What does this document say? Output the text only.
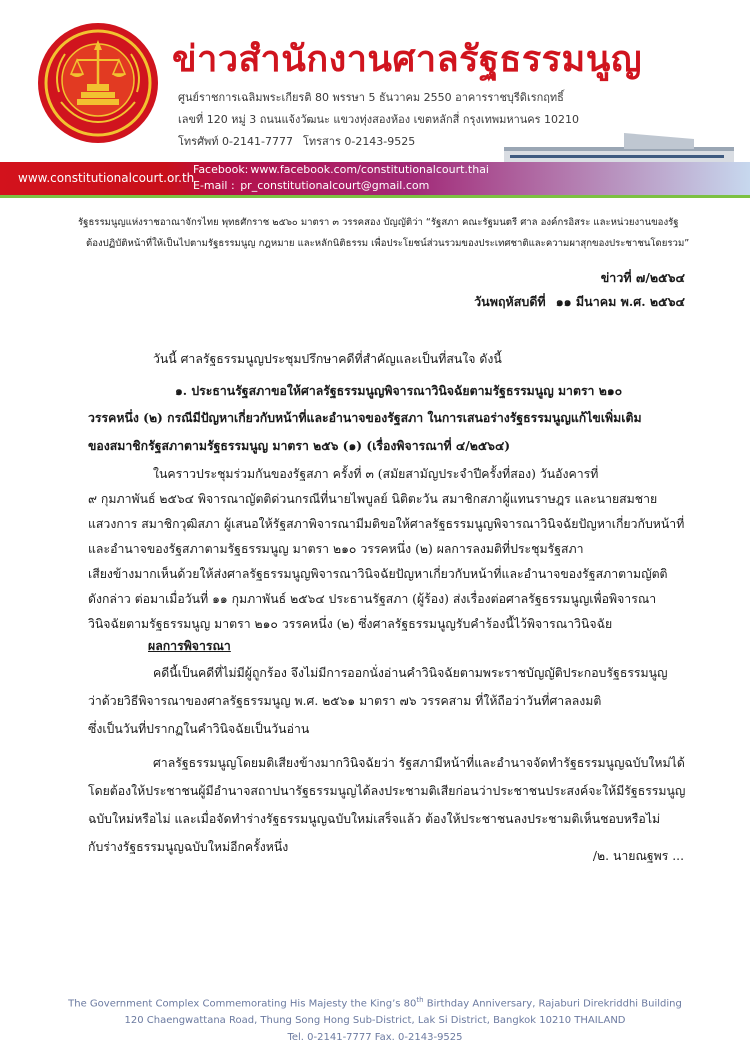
ข่าวสำนักงานศาลรัฐธรรมนูญ
ศูนย์ราชการเฉลิมพระเกียรติ 80 พรรษา 5 ธันวาคม 2550 อาคารราชบุรีดิเรกฤทธิ์
เลขที่ 120 หมู่ 3 ถนนแจ้งวัฒนะ แขวงทุ่งสองห้อง เขตหลักสี่ กรุงเทพมหานคร 10210
โทรศัพท์ 0-2141-7777 โทรสาร 0-2143-9525
www.constitutionalcourt.or.th
Facebook: www.facebook.com/constitutionalcourt.thai
E-mail : pr_constitutionalcourt@gmail.com
รัฐธรรมนูญแห่งราชอาณาจักรไทย พุทธศักราช ๒๕๖๐ มาตรา ๓ วรรคสอง บัญญัติว่า “รัฐสภา คณะรัฐมนตรี ศาล องค์กรอิสระ และหน่วยงานของรัฐ
ต้องปฏิบัติหน้าที่ให้เป็นไปตามรัฐธรรมนูญ กฎหมาย และหลักนิติธรรม เพื่อประโยชน์ส่วนรวมของประเทศชาติและความผาสุกของประชาชนโดยรวม”
ข่าวที่ ๗/๒๕๖๔
วันพฤหัสบดีที่ ๑๑ มีนาคม พ.ศ. ๒๕๖๔
วันนี้ ศาลรัฐธรรมนูญประชุมปรึกษาคดีที่สำคัญและเป็นที่สนใจ ดังนี้
๑. ประธานรัฐสภาขอให้ศาลรัฐธรรมนูญพิจารณาวินิจฉัยตามรัฐธรรมนูญ มาตรา ๒๑๐
วรรคหนึ่ง (๒) กรณีมีปัญหาเกี่ยวกับหน้าที่และอำนาจของรัฐสภา ในการเสนอร่างรัฐธรรมนูญแก้ไขเพิ่มเติม
ของสมาชิกรัฐสภาตามรัฐธรรมนูญ มาตรา ๒๕๖ (๑) (เรื่องพิจารณาที่ ๔/๒๕๖๔)
ในคราวประชุมร่วมกันของรัฐสภา ครั้งที่ ๓ (สมัยสามัญประจำปีครั้งที่สอง) วันอังคารที่
๙ กุมภาพันธ์ ๒๕๖๔ พิจารณาญัตติด่วนกรณีที่นายไพบูลย์ นิติตะวัน สมาชิกสภาผู้แทนราษฎร และนายสมชาย
แสวงการ สมาชิกวุฒิสภา ผู้เสนอให้รัฐสภาพิจารณามีมติขอให้ศาลรัฐธรรมนูญพิจารณาวินิจฉัยปัญหาเกี่ยวกับหน้าที่
และอำนาจของรัฐสภาตามรัฐธรรมนูญ มาตรา ๒๑๐ วรรคหนึ่ง (๒) ผลการลงมติที่ประชุมรัฐสภา
เสียงข้างมากเห็นด้วยให้ส่งศาลรัฐธรรมนูญพิจารณาวินิจฉัยปัญหาเกี่ยวกับหน้าที่และอำนาจของรัฐสภาตามญัตติ
ดังกล่าว ต่อมาเมื่อวันที่ ๑๑ กุมภาพันธ์ ๒๕๖๔ ประธานรัฐสภา (ผู้ร้อง) ส่งเรื่องต่อศาลรัฐธรรมนูญเพื่อพิจารณา
วินิจฉัยตามรัฐธรรมนูญ มาตรา ๒๑๐ วรรคหนึ่ง (๒) ซึ่งศาลรัฐธรรมนูญรับคำร้องนี้ไว้พิจารณาวินิจฉัย
ผลการพิจารณา
คดีนี้เป็นคดีที่ไม่มีผู้ถูกร้อง จึงไม่มีการออกนั่งอ่านคำวินิจฉัยตามพระราชบัญญัติประกอบรัฐธรรมนูญ
ว่าด้วยวิธีพิจารณาของศาลรัฐธรรมนูญ พ.ศ. ๒๕๖๑ มาตรา ๗๖ วรรคสาม ที่ให้ถือว่าวันที่ศาลลงมติ
ซึ่งเป็นวันที่ปรากฏในคำวินิจฉัยเป็นวันอ่าน
ศาลรัฐธรรมนูญโดยมติเสียงข้างมากวินิจฉัยว่า รัฐสภามีหน้าที่และอำนาจจัดทำรัฐธรรมนูญฉบับใหม่ได้
โดยต้องให้ประชาชนผู้มีอำนาจสถาปนารัฐธรรมนูญได้ลงประชามติเสียก่อนว่าประชาชนประสงค์จะให้มีรัฐธรรมนูญ
ฉบับใหม่หรือไม่ และเมื่อจัดทำร่างรัฐธรรมนูญฉบับใหม่เสร็จแล้ว ต้องให้ประชาชนลงประชามติเห็นชอบหรือไม่
กับร่างรัฐธรรมนูญฉบับใหม่อีกครั้งหนึ่ง
/๒. นายณฐพร ...
The Government Complex Commemorating His Majesty the King’s 80th Birthday Anniversary, Rajaburi Direkriddhi Building
120 Chaengwattana Road, Thung Song Hong Sub-District, Lak Si District, Bangkok 10210 THAILAND
Tel. 0-2141-7777 Fax. 0-2143-9525
